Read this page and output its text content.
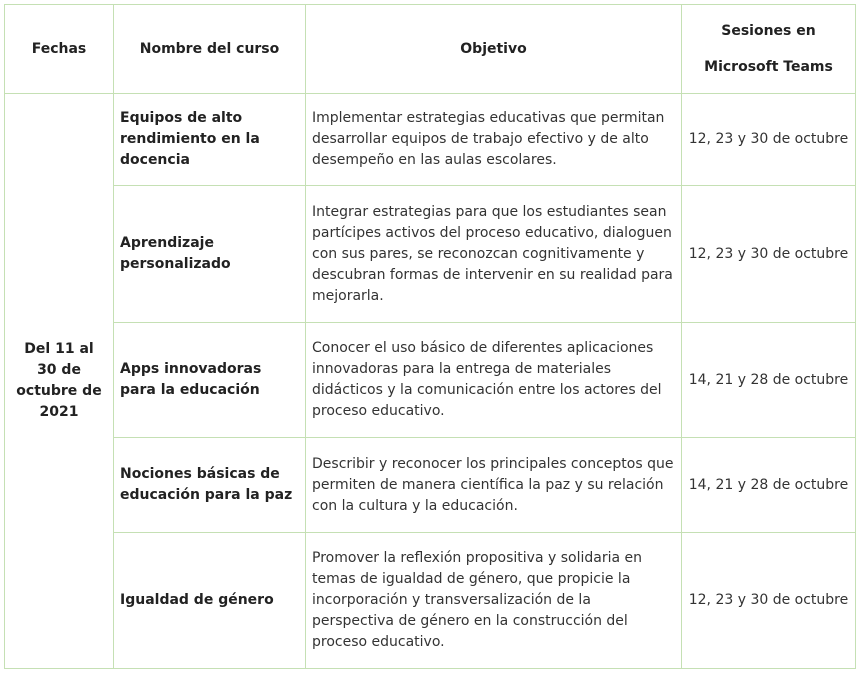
Fechas	Nombre del curso	Objetivo	Sesiones en
Microsoft Teams
Del 11 al 30 de octubre de 2021	Equipos de alto rendimiento en la docencia	Implementar estrategias educativas que permitan desarrollar equipos de trabajo efectivo y de alto desempeño en las aulas escolares.	12, 23 y 30 de octubre
	Aprendizaje personalizado	Integrar estrategias para que los estudiantes sean partícipes activos del proceso educativo, dialoguen con sus pares, se reconozcan cognitivamente y descubran formas de intervenir en su realidad para mejorarla.	12, 23 y 30 de octubre
	Apps innovadoras para la educación	Conocer el uso básico de diferentes aplicaciones innovadoras para la entrega de materiales didácticos y la comunicación entre los actores del proceso educativo.	14, 21 y 28 de octubre
	Nociones básicas de educación para la paz	Describir y reconocer los principales conceptos que permiten de manera científica la paz y su relación con la cultura y la educación.	14, 21 y 28 de octubre
	Igualdad de género	Promover la reflexión propositiva y solidaria en temas de igualdad de género, que propicie la incorporación y transversalización de la perspectiva de género en la construcción del proceso educativo.	12, 23 y 30 de octubre
